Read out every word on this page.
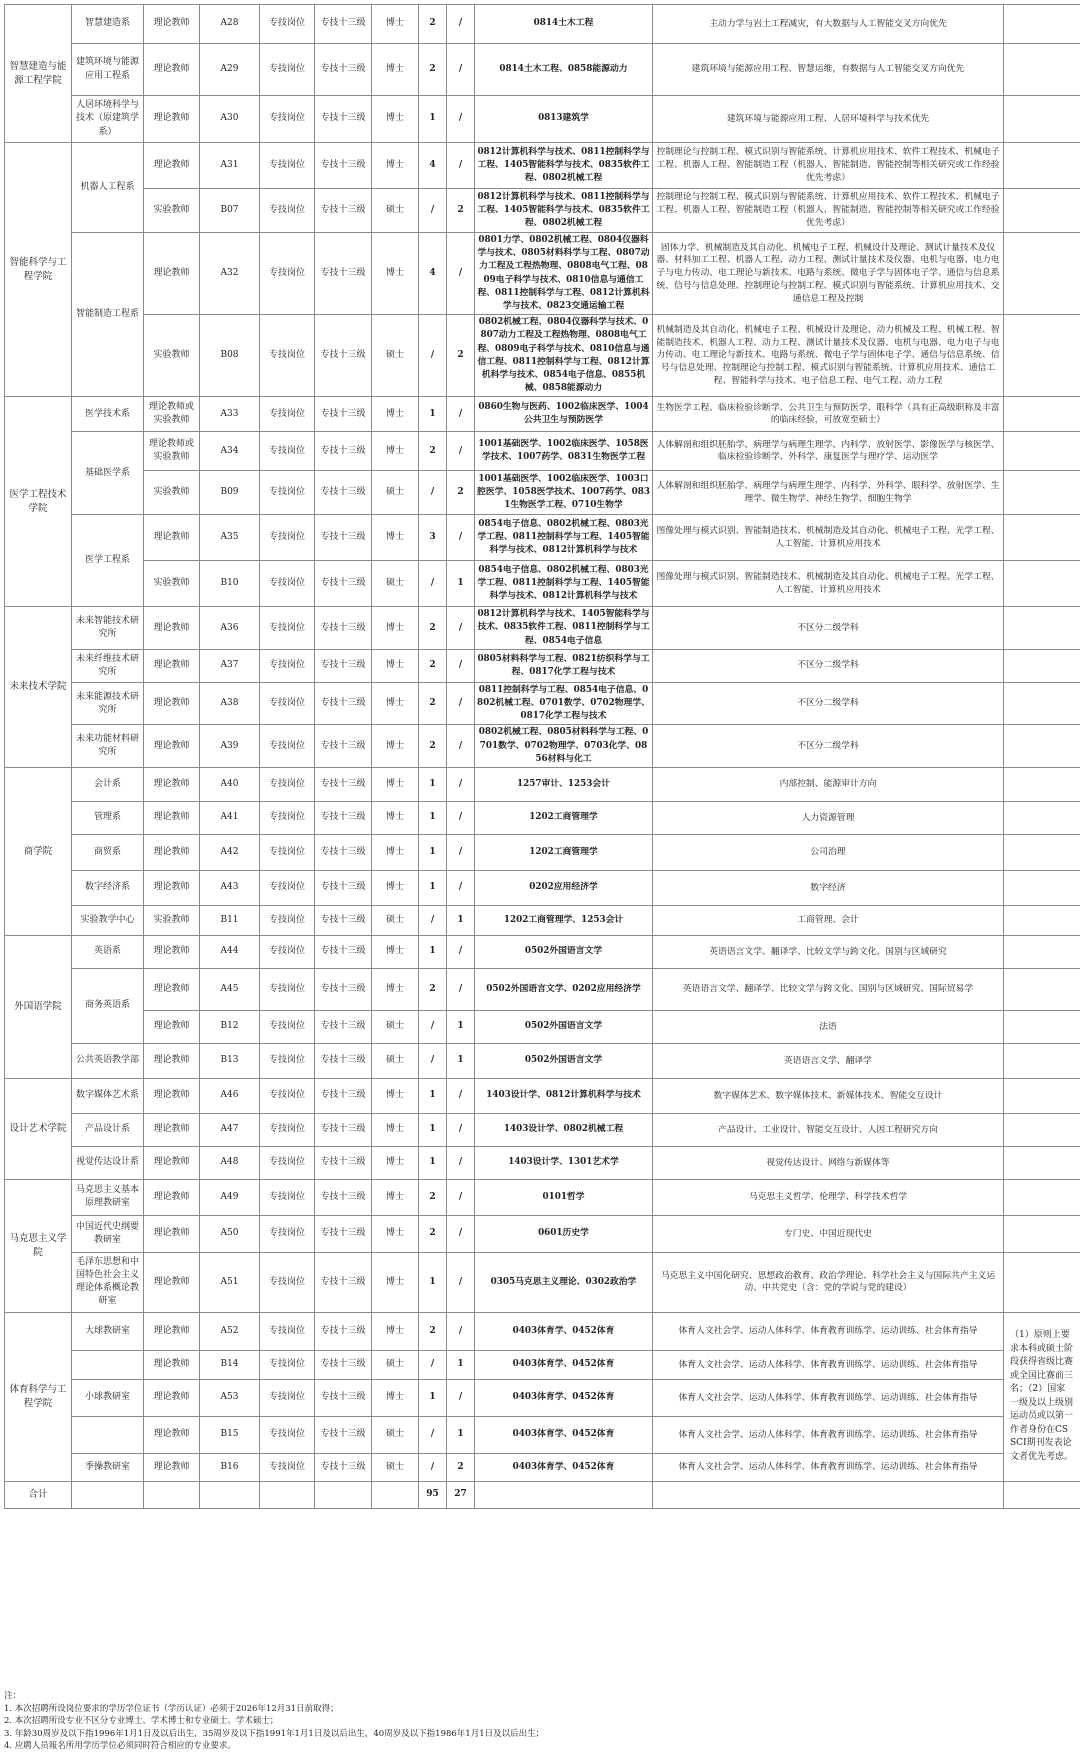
智慧建造与能源工程学院	智慧建造系	理论教师	A28	专技岗位	专技十三级	博士	2	/	0814土木工程	主动力学与岩土工程减灾，有大数据与人工智能交叉方向优先	
	建筑环境与能源应用工程系	理论教师	A29	专技岗位	专技十三级	博士	2	/	0814土木工程、0858能源动力	建筑环境与能源应用工程、智慧运维，有数据与人工智能交叉方向优先	
	人居环境科学与技术（原建筑学系）	理论教师	A30	专技岗位	专技十三级	博士	1	/	0813建筑学	建筑环境与能源应用工程、人居环境科学与技术优先	
智能科学与工程学院	机器人工程系	理论教师	A31	专技岗位	专技十三级	博士	4	/	0812计算机科学与技术、0811控制科学与工程、1405智能科学与技术、0835软件工程、0802机械工程	控制理论与控制工程、模式识别与智能系统、计算机应用技术、软件工程技术、机械电子工程、机器人工程、智能制造工程（机器人、智能制造、智能控制等相关研究或工作经验优先考虑）	
		实验教师	B07	专技岗位	专技十三级	硕士	/	2	0812计算机科学与技术、0811控制科学与工程、1405智能科学与技术、0835软件工程、0802机械工程	控制理论与控制工程、模式识别与智能系统、计算机应用技术、软件工程技术、机械电子工程、机器人工程、智能制造工程（机器人、智能制造、智能控制等相关研究或工作经验优先考虑）	
	智能制造工程系	理论教师	A32	专技岗位	专技十三级	博士	4	/	0801力学、0802机械工程、0804仪器科学与技术、0805材料科学与工程、0807动力工程及工程热物理、0808电气工程、0809电子科学与技术、0810信息与通信工程、0811控制科学与工程、0812计算机科学与技术、0823交通运输工程	固体力学、机械制造及其自动化、机械电子工程、机械设计及理论、测试计量技术及仪器、材料加工工程、机器人工程、动力工程、测试计量技术及仪器、电机与电器、电力电子与电力传动、电工理论与新技术、电路与系统、微电子学与固体电子学、通信与信息系统、信号与信息处理、控制理论与控制工程、模式识别与智能系统、计算机应用技术、交通信息工程及控制	
		实验教师	B08	专技岗位	专技十三级	硕士	/	2	0802机械工程、0804仪器科学与技术、0807动力工程及工程热物理、0808电气工程、0809电子科学与技术、0810信息与通信工程、0811控制科学与工程、0812计算机科学与技术、0854电子信息、0855机械、0858能源动力	机械制造及其自动化、机械电子工程、机械设计及理论、动力机械及工程、机械工程、智能制造技术、机器人工程、动力工程、测试计量技术及仪器、电机与电器、电力电子与电力传动、电工理论与新技术、电路与系统、微电子学与固体电子学、通信与信息系统、信号与信息处理、控制理论与控制工程、模式识别与智能系统、计算机应用技术、通信工程、智能科学与技术、电子信息工程、电气工程、动力工程	
医学工程技术学院	医学技术系	理论教师或实验教师	A33	专技岗位	专技十三级	博士	1	/	0860生物与医药、1002临床医学、1004公共卫生与预防医学	生物医学工程、临床检验诊断学、公共卫生与预防医学、眼科学（具有正高级职称及丰富的临床经验，可放宽至硕士）	
	基础医学系	理论教师或实验教师	A34	专技岗位	专技十三级	博士	2	/	1001基础医学、1002临床医学、1058医学技术、1007药学、0831生物医学工程	人体解剖和组织胚胎学、病理学与病理生理学、内科学、放射医学、影像医学与核医学、临床检验诊断学、外科学、康复医学与理疗学、运动医学	
		实验教师	B09	专技岗位	专技十三级	硕士	/	2	1001基础医学、1002临床医学、1003口腔医学、1058医学技术、1007药学、0831生物医学工程、0710生物学	人体解剖和组织胚胎学、病理学与病理生理学、内科学、外科学、眼科学、放射医学、生理学、微生物学、神经生物学、细胞生物学	
	医学工程系	理论教师	A35	专技岗位	专技十三级	博士	3	/	0854电子信息、0802机械工程、0803光学工程、0811控制科学与工程、1405智能科学与技术、0812计算机科学与技术	图像处理与模式识别、智能制造技术、机械制造及其自动化、机械电子工程、光学工程、人工智能、计算机应用技术	
		实验教师	B10	专技岗位	专技十三级	硕士	/	1	0854电子信息、0802机械工程、0803光学工程、0811控制科学与工程、1405智能科学与技术、0812计算机科学与技术	图像处理与模式识别、智能制造技术、机械制造及其自动化、机械电子工程、光学工程、人工智能、计算机应用技术	
未来技术学院	未来智能技术研究所	理论教师	A36	专技岗位	专技十三级	博士	2	/	0812计算机科学与技术、1405智能科学与技术、0835软件工程、0811控制科学与工程、0854电子信息	不区分二级学科	
	未来纤维技术研究所	理论教师	A37	专技岗位	专技十三级	博士	2	/	0805材料科学与工程、0821纺织科学与工程、0817化学工程与技术	不区分二级学科	
	未来能源技术研究所	理论教师	A38	专技岗位	专技十三级	博士	2	/	0811控制科学与工程、0854电子信息、0802机械工程、0701数学、0702物理学、0817化学工程与技术	不区分二级学科	
	未来功能材料研究所	理论教师	A39	专技岗位	专技十三级	博士	2	/	0802机械工程、0805材料科学与工程、0701数学、0702物理学、0703化学、0856材料与化工	不区分二级学科	
商学院	会计系	理论教师	A40	专技岗位	专技十三级	博士	1	/	1257审计、1253会计	内部控制、能源审计方向	
	管理系	理论教师	A41	专技岗位	专技十三级	博士	1	/	1202工商管理学	人力资源管理	
	商贸系	理论教师	A42	专技岗位	专技十三级	博士	1	/	1202工商管理学	公司治理	
	数字经济系	理论教师	A43	专技岗位	专技十三级	博士	1	/	0202应用经济学	数字经济	
	实验教学中心	实验教师	B11	专技岗位	专技十三级	硕士	/	1	1202工商管理学、1253会计	工商管理、会计	
外国语学院	英语系	理论教师	A44	专技岗位	专技十三级	博士	1	/	0502外国语言文学	英语语言文学、翻译学、比较文学与跨文化、国别与区域研究	
	商务英语系	理论教师	A45	专技岗位	专技十三级	博士	2	/	0502外国语言文学、0202应用经济学	英语语言文学、翻译学、比较文学与跨文化、国别与区域研究、国际贸易学	
		理论教师	B12	专技岗位	专技十三级	硕士	/	1	0502外国语言文学	法语	
	公共英语教学部	理论教师	B13	专技岗位	专技十三级	硕士	/	1	0502外国语言文学	英语语言文学、翻译学	
设计艺术学院	数字媒体艺术系	理论教师	A46	专技岗位	专技十三级	博士	1	/	1403设计学、0812计算机科学与技术	数字媒体艺术、数字媒体技术、新媒体技术、智能交互设计	
	产品设计系	理论教师	A47	专技岗位	专技十三级	博士	1	/	1403设计学、0802机械工程	产品设计、工业设计、智能交互设计、人因工程研究方向	
	视觉传达设计系	理论教师	A48	专技岗位	专技十三级	博士	1	/	1403设计学、1301艺术学	视觉传达设计、网络与新媒体等	
马克思主义学院	马克思主义基本原理教研室	理论教师	A49	专技岗位	专技十三级	博士	2	/	0101哲学	马克思主义哲学、伦理学、科学技术哲学	
	中国近代史纲要教研室	理论教师	A50	专技岗位	专技十三级	博士	2	/	0601历史学	专门史、中国近现代史	
	毛泽东思想和中国特色社会主义理论体系概论教研室	理论教师	A51	专技岗位	专技十三级	博士	1	/	0305马克思主义理论、0302政治学	马克思主义中国化研究、思想政治教育、政治学理论、科学社会主义与国际共产主义运动、中共党史（含：党的学说与党的建设）	
体育科学与工程学院	大球教研室	理论教师	A52	专技岗位	专技十三级	博士	2	/	0403体育学、0452体育	体育人文社会学、运动人体科学、体育教育训练学、运动训练、社会体育指导	（1）原则上要求本科或硕士阶段获得省级比赛或全国比赛前三名；（2）国家一级及以上级别运动员或以第一作者身份在CSSCI期刊发表论文者优先考虑。
		理论教师	B14	专技岗位	专技十三级	硕士	/	1	0403体育学、0452体育	体育人文社会学、运动人体科学、体育教育训练学、运动训练、社会体育指导	
	小球教研室	理论教师	A53	专技岗位	专技十三级	博士	1	/	0403体育学、0452体育	体育人文社会学、运动人体科学、体育教育训练学、运动训练、社会体育指导	
		理论教师	B15	专技岗位	专技十三级	硕士	/	1	0403体育学、0452体育	体育人文社会学、运动人体科学、体育教育训练学、运动训练、社会体育指导	
	季操教研室	理论教师	B16	专技岗位	专技十三级	硕士	/	2	0403体育学、0452体育	体育人文社会学、运动人体科学、体育教育训练学、运动训练、社会体育指导	
合计							95	27			
注：
1. 本次招聘所设岗位要求的学历学位证书（学历认证）必须于2026年12月31日前取得；
2. 本次招聘所设专业不区分专业博士、学术博士和专业硕士、学术硕士；
3. 年龄30周岁及以下指1996年1月1日及以后出生，35周岁及以下指1991年1月1日及以后出生，40周岁及以下指1986年1月1日及以后出生；
4. 应聘人员報名所用学历学位必须同时符合相应的专业要求。
